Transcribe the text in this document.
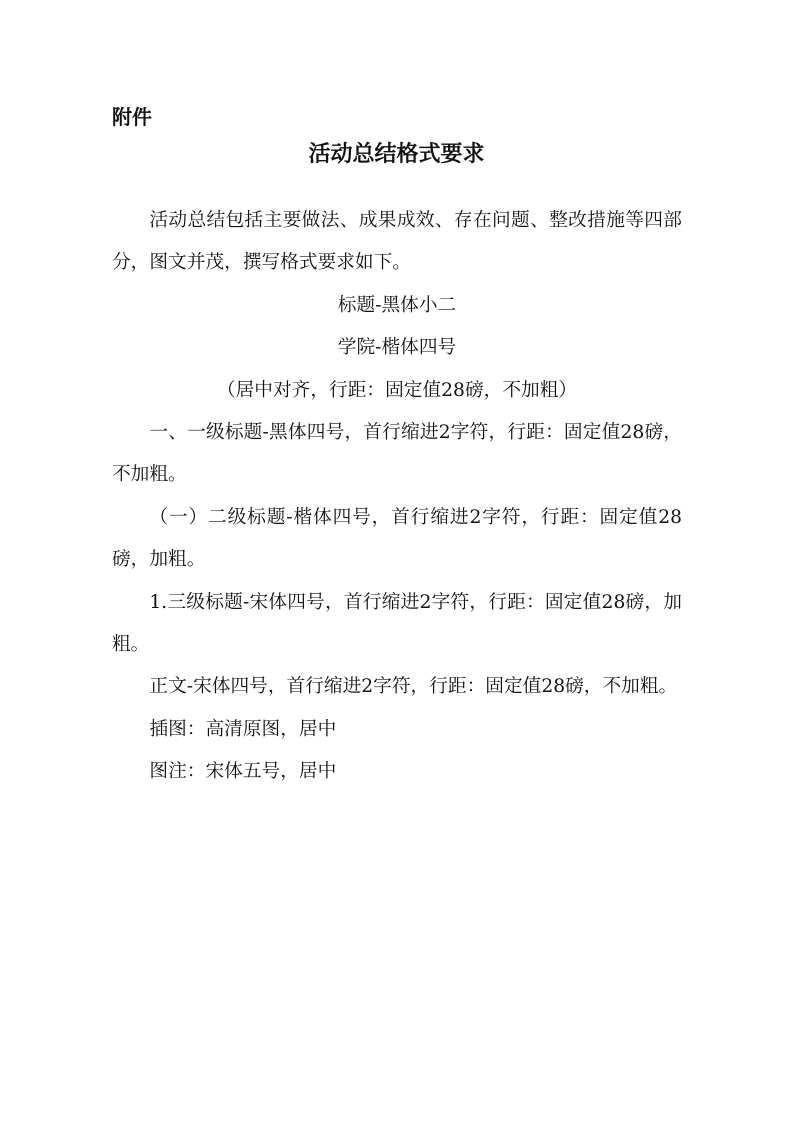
附件

活动总结格式要求

活动总结包括主要做法、成果成效、存在问题、整改措施等四部分，图文并茂，撰写格式要求如下。

标题-黑体小二

学院-楷体四号

（居中对齐，行距：固定值28磅，不加粗）

一、一级标题-黑体四号，首行缩进2字符，行距：固定值28磅，不加粗。

（一）二级标题-楷体四号，首行缩进2字符，行距：固定值28磅，加粗。

1.三级标题-宋体四号，首行缩进2字符，行距：固定值28磅，加粗。

正文-宋体四号，首行缩进2字符，行距：固定值28磅，不加粗。

插图：高清原图，居中

图注：宋体五号，居中
